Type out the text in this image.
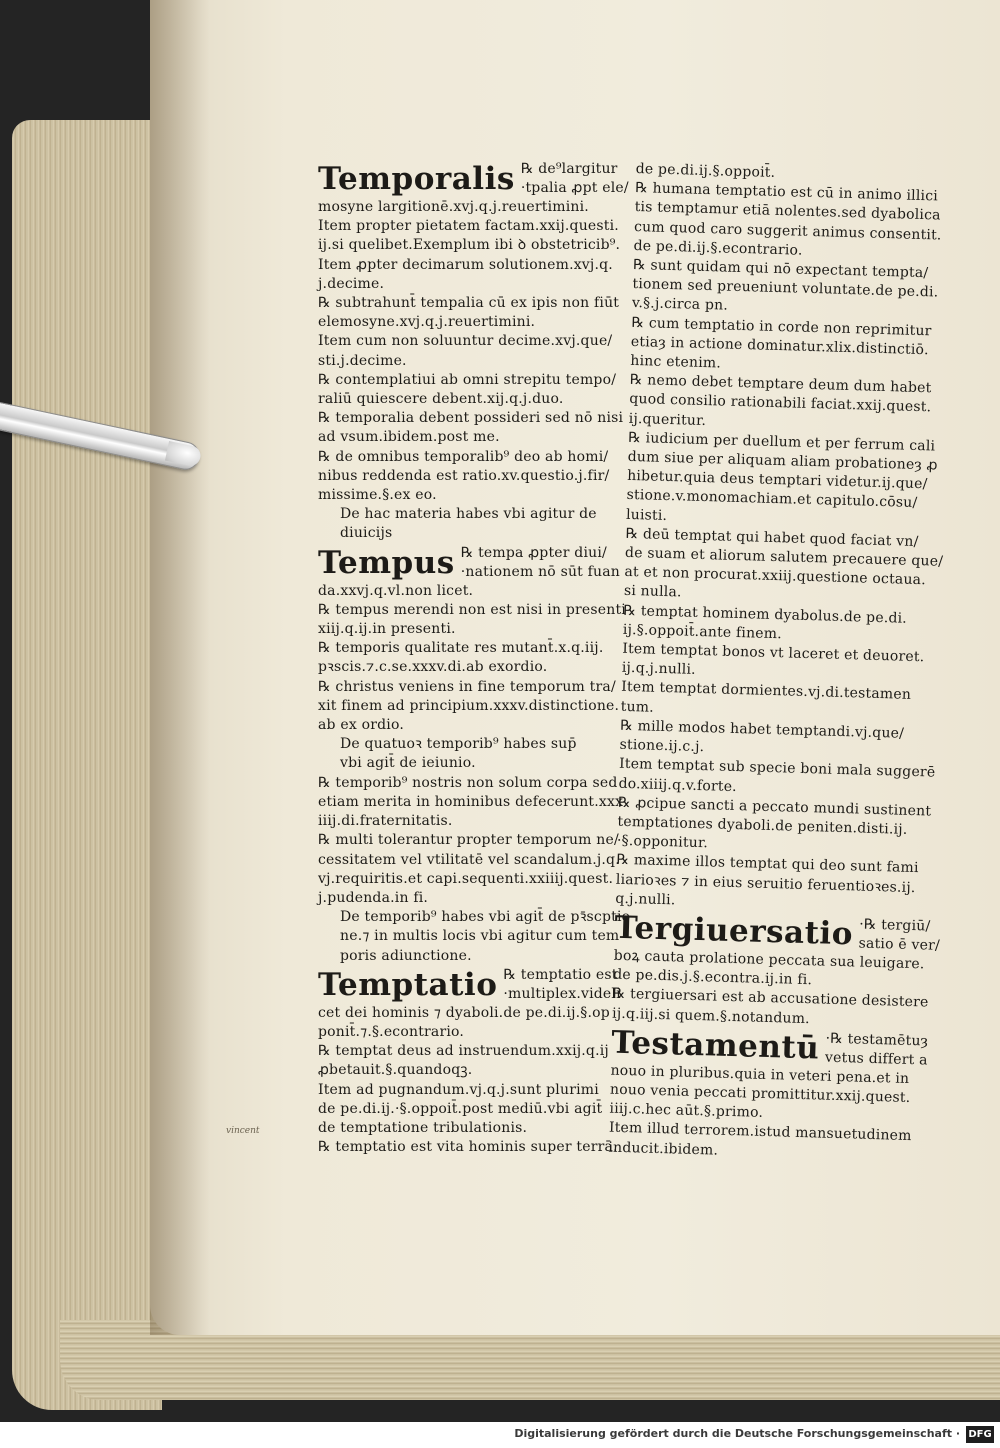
vincent
Temporalis ℞ de⁹largitur
·tpalia ꝓpt ele/
mosyne largitionē.xvj.q.j.reuertimini.
Item propter pietatem factam.xxij.questi.
ij.si quelibet.Exemplum ibi ꝺ obstetricib⁹.
Item ꝓpter decimarum solutionem.xvj.q.
j.decime.
℞ subtrahunt̄ tempalia cū ex ipis non fiūt
elemosyne.xvj.q.j.reuertimini.
Item cum non soluuntur decime.xvj.que/
sti.j.decime.
℞ contemplatiui ab omni strepitu tempo/
raliū quiescere debent.xij.q.j.duo.
℞ temporalia debent possideri sed nō nisi
ad vsum.ibidem.post me.
℞ de omnibus temporalib⁹ deo ab homi/
nibus reddenda est ratio.xv.questio.j.fir/
missime.§.ex eo.
De hac materia habes vbi agitur de
diuicijs
Tempus ℞ tempa ꝓpter diui/
·nationem nō sūt fuan
da.xxvj.q.vl.non licet.
℞ tempus merendi non est nisi in presenti
xiij.q.ij.in presenti.
℞ temporis qualitate res mutant̄.x.q.iij.
pꝛscis.⁊.c.se.xxxv.di.ab exordio.
℞ christus veniens in fine temporum tra/
xit finem ad principium.xxxv.distinctione.
ab ex ordio.
De quatuoꝛ temporib⁹ habes sup̄
vbi agit̄ de ieiunio.
℞ temporib⁹ nostris non solum corpa sed
etiam merita in hominibus defecerunt.xxx
iiij.di.fraternitatis.
℞ multi tolerantur propter temporum ne/
cessitatem vel vtilitatē vel scandalum.j.q.
vj.requiritis.et capi.sequenti.xxiiij.quest.
j.pudenda.in fi.
De temporib⁹ habes vbi agit̄ de pꝛ̄scptio
ne.⁊ in multis locis vbi agitur cum tem
poris adiunctione.
Temptatio ℞ temptatio est
·multiplex.videli
cet dei hominis ⁊ dyaboli.de pe.di.ij.§.op
ponit̄.⁊.§.econtrario.
℞ temptat deus ad instruendum.xxij.q.ij
ꝓbetauit.§.quandoqꝫ.
Item ad pugnandum.vj.q.j.sunt plurimi
de pe.di.ij.·§.oppoit̄.post mediū.vbi agit̄
de temptatione tribulationis.
℞ temptatio est vita hominis super terrā.
de pe.di.ij.§.oppoit̄.
℞ humana temptatio est cū in animo illici
tis temptamur etiā nolentes.sed dyabolica
cum quod caro suggerit animus consentit.
de pe.di.ij.§.econtrario.
℞ sunt quidam qui nō expectant tempta/
tionem sed preueniunt voluntate.de pe.di.
v.§.j.circa pn.
℞ cum temptatio in corde non reprimitur
etiaȝ in actione dominatur.xlix.distinctiō.
hinc etenim.
℞ nemo debet temptare deum dum habet
quod consilio rationabili faciat.xxij.quest.
ij.queritur.
℞ iudicium per duellum et per ferrum cali
dum siue per aliquam aliam probationeȝ ꝓ
hibetur.quia deus temptari videtur.ij.que/
stione.v.monomachiam.et capitulo.cōsu/
luisti.
℞ deū temptat qui habet quod faciat vn/
de suam et aliorum salutem precauere que/
at et non procurat.xxiij.questione octaua.
si nulla.
℞ temptat hominem dyabolus.de pe.di.
ij.§.oppoit̄.ante finem.
Item temptat bonos vt laceret et deuoret.
ij.q.j.nulli.
Item temptat dormientes.vj.di.testamen
tum.
℞ mille modos habet temptandi.vj.que/
stione.ij.c.j.
Item temptat sub specie boni mala suggerē
do.xiiij.q.v.forte.
℞ ꝓcipue sancti a peccato mundi sustinent
temptationes dyaboli.de peniten.disti.ij.
·§.opponitur.
℞ maxime illos temptat qui deo sunt fami
liarioꝛes ⁊ in eius seruitio feruentioꝛes.ij.
q.j.nulli.
Tergiuersatio ·℞ tergiū/
satio ē ver/
boꝝ cauta prolatione peccata sua leuigare.
de pe.dis.j.§.econtra.ij.in fi.
℞ tergiuersari est ab accusatione desistere
ij.q.iij.si quem.§.notandum.
Testamentū ·℞ testamētuȝ
vetus differt a
nouo in pluribus.quia in veteri pena.et in
nouo venia peccati promittitur.xxij.quest.
iiij.c.hec aūt.§.primo.
Item illud terrorem.istud mansuetudinem
inducit.ibidem.
Digitalisierung gefördert durch die Deutsche Forschungsgemeinschaft · DFG
